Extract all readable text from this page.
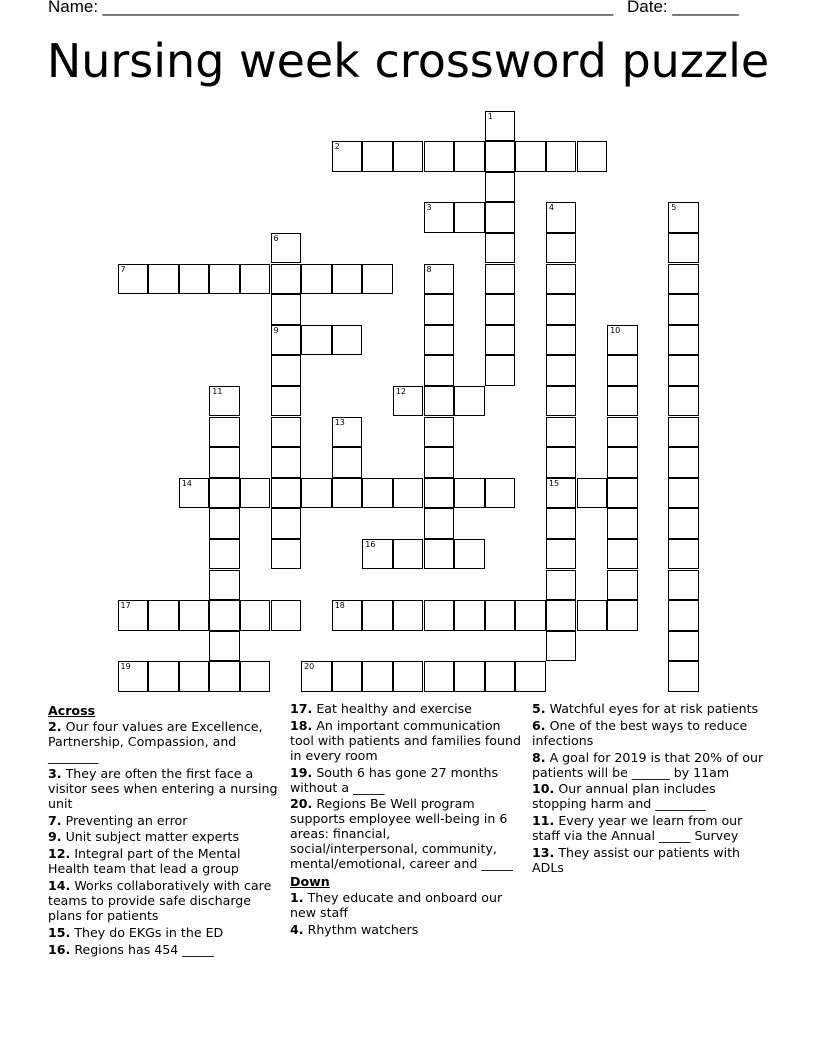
Name: ______________________________________________________ Date: _______
Nursing week crossword puzzle
2
3
7
9
12
14	15
16
17	18
19	20
1
4	5
6
8
10
11
13
Across
2. Our four values are Excellence, Partnership, Compassion, and ________
3. They are often the first face a visitor sees when entering a nursing unit
7. Preventing an error
9. Unit subject matter experts
12. Integral part of the Mental Health team that lead a group
14. Works collaboratively with care teams to provide safe discharge plans for patients
15. They do EKGs in the ED
16. Regions has 454 _____
17. Eat healthy and exercise
18. An important communication tool with patients and families found in every room
19. South 6 has gone 27 months without a _____
20. Regions Be Well program supports employee well-being in 6 areas: financial, social/interpersonal, community, mental/emotional, career and _____
Down
1. They educate and onboard our new staff
4. Rhythm watchers
5. Watchful eyes for at risk patients
6. One of the best ways to reduce infections
8. A goal for 2019 is that 20% of our patients will be ______ by 11am
10. Our annual plan includes stopping harm and ________
11. Every year we learn from our staff via the Annual _____ Survey
13. They assist our patients with ADLs
